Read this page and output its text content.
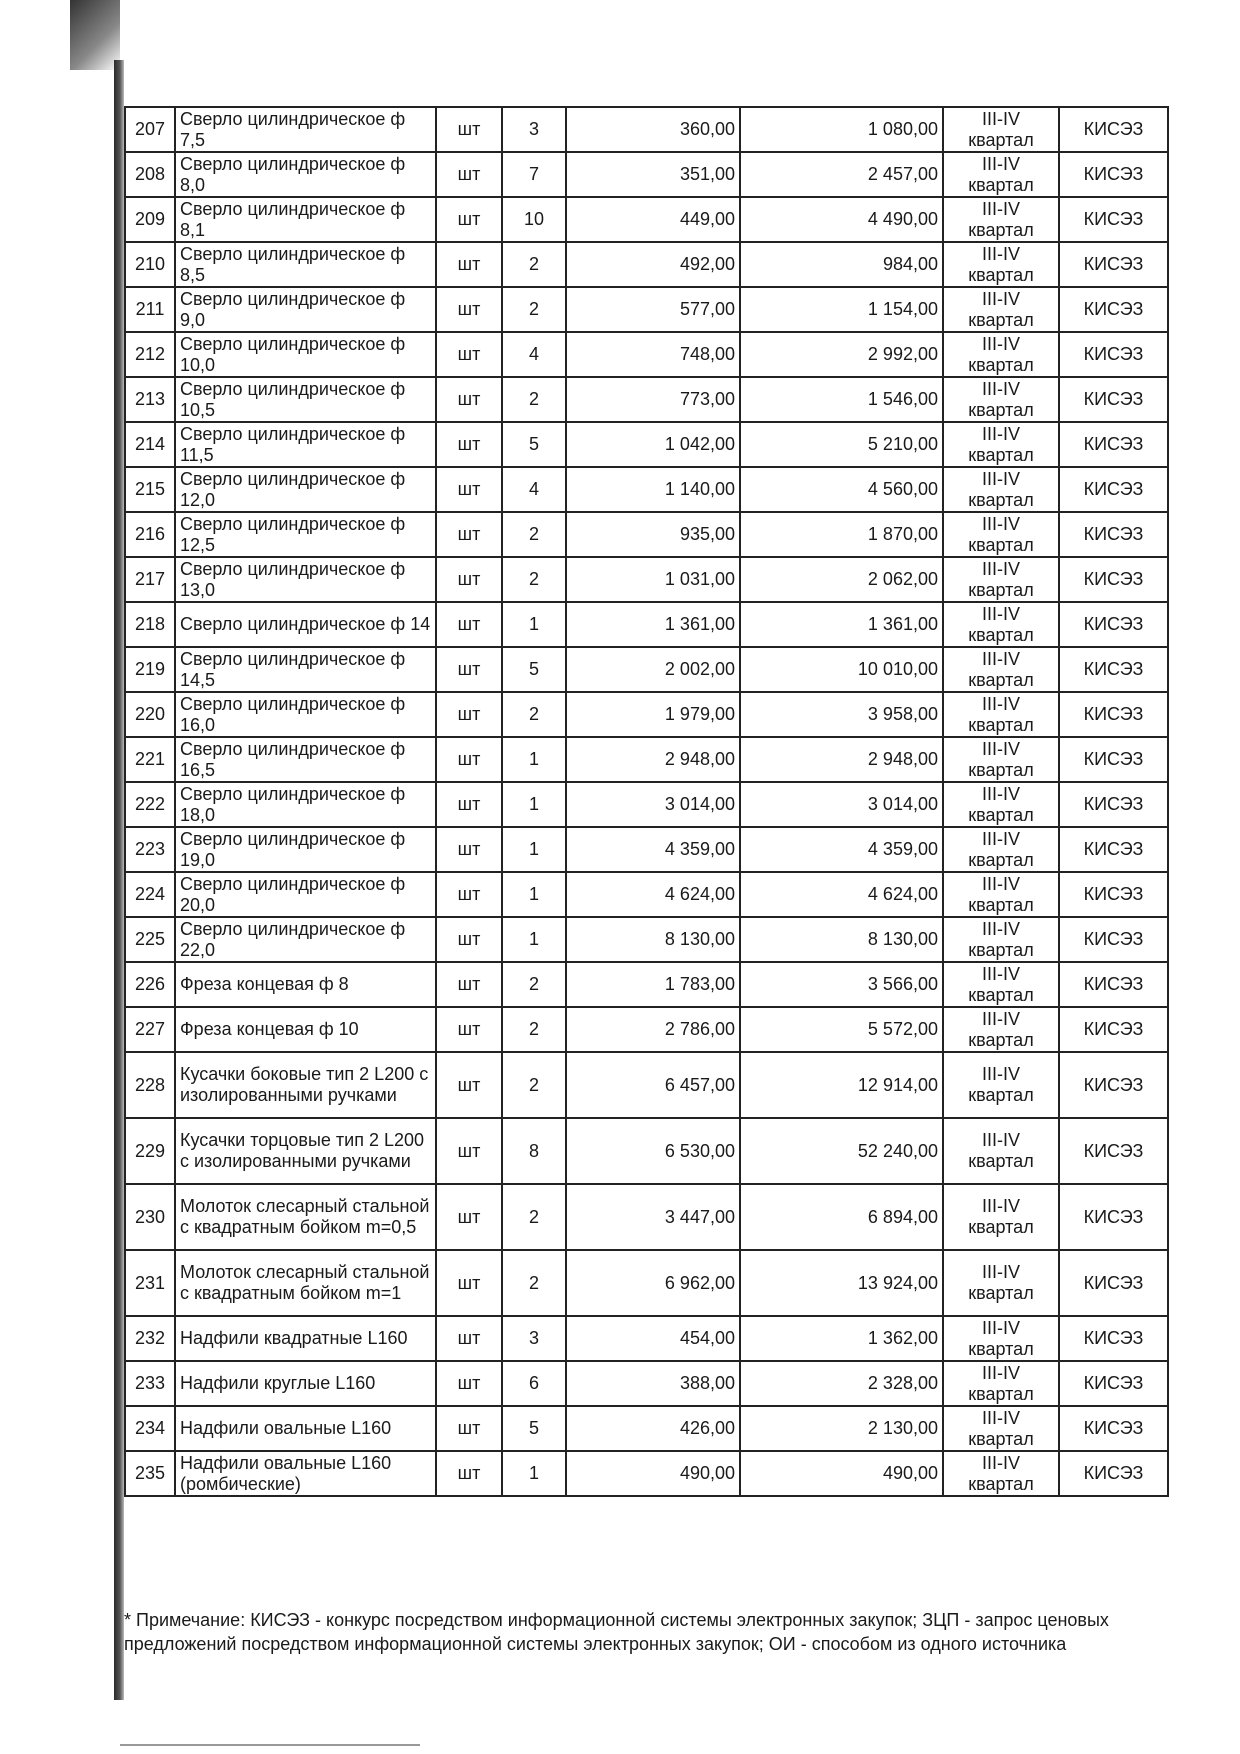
207	Сверло цилиндрическое ф 7,5	шт	3	360,00	1 080,00	III-IV квартал	КИСЭЗ
208	Сверло цилиндрическое ф 8,0	шт	7	351,00	2 457,00	III-IV квартал	КИСЭЗ
209	Сверло цилиндрическое ф 8,1	шт	10	449,00	4 490,00	III-IV квартал	КИСЭЗ
210	Сверло цилиндрическое ф 8,5	шт	2	492,00	984,00	III-IV квартал	КИСЭЗ
211	Сверло цилиндрическое ф 9,0	шт	2	577,00	1 154,00	III-IV квартал	КИСЭЗ
212	Сверло цилиндрическое ф 10,0	шт	4	748,00	2 992,00	III-IV квартал	КИСЭЗ
213	Сверло цилиндрическое ф 10,5	шт	2	773,00	1 546,00	III-IV квартал	КИСЭЗ
214	Сверло цилиндрическое ф 11,5	шт	5	1 042,00	5 210,00	III-IV квартал	КИСЭЗ
215	Сверло цилиндрическое ф 12,0	шт	4	1 140,00	4 560,00	III-IV квартал	КИСЭЗ
216	Сверло цилиндрическое ф 12,5	шт	2	935,00	1 870,00	III-IV квартал	КИСЭЗ
217	Сверло цилиндрическое ф 13,0	шт	2	1 031,00	2 062,00	III-IV квартал	КИСЭЗ
218	Сверло цилиндрическое ф 14	шт	1	1 361,00	1 361,00	III-IV квартал	КИСЭЗ
219	Сверло цилиндрическое ф 14,5	шт	5	2 002,00	10 010,00	III-IV квартал	КИСЭЗ
220	Сверло цилиндрическое ф 16,0	шт	2	1 979,00	3 958,00	III-IV квартал	КИСЭЗ
221	Сверло цилиндрическое ф 16,5	шт	1	2 948,00	2 948,00	III-IV квартал	КИСЭЗ
222	Сверло цилиндрическое ф 18,0	шт	1	3 014,00	3 014,00	III-IV квартал	КИСЭЗ
223	Сверло цилиндрическое ф 19,0	шт	1	4 359,00	4 359,00	III-IV квартал	КИСЭЗ
224	Сверло цилиндрическое ф 20,0	шт	1	4 624,00	4 624,00	III-IV квартал	КИСЭЗ
225	Сверло цилиндрическое ф 22,0	шт	1	8 130,00	8 130,00	III-IV квартал	КИСЭЗ
226	Фреза концевая ф 8	шт	2	1 783,00	3 566,00	III-IV квартал	КИСЭЗ
227	Фреза концевая ф 10	шт	2	2 786,00	5 572,00	III-IV квартал	КИСЭЗ
228	Кусачки боковые тип 2 L200 с изолированными ручками	шт	2	6 457,00	12 914,00	III-IV квартал	КИСЭЗ
229	Кусачки торцовые тип 2 L200 с изолированными ручками	шт	8	6 530,00	52 240,00	III-IV квартал	КИСЭЗ
230	Молоток слесарный стальной с квадратным бойком m=0,5	шт	2	3 447,00	6 894,00	III-IV квартал	КИСЭЗ
231	Молоток слесарный стальной с квадратным бойком m=1	шт	2	6 962,00	13 924,00	III-IV квартал	КИСЭЗ
232	Надфили квадратные L160	шт	3	454,00	1 362,00	III-IV квартал	КИСЭЗ
233	Надфили круглые L160	шт	6	388,00	2 328,00	III-IV квартал	КИСЭЗ
234	Надфили овальные L160	шт	5	426,00	2 130,00	III-IV квартал	КИСЭЗ
235	Надфили овальные L160 (ромбические)	шт	1	490,00	490,00	III-IV квартал	КИСЭЗ
* Примечание: КИСЭЗ - конкурс посредством информационной системы электронных закупок; ЗЦП - запрос ценовых предложений посредством информационной системы электронных закупок; ОИ - способом из одного источника
